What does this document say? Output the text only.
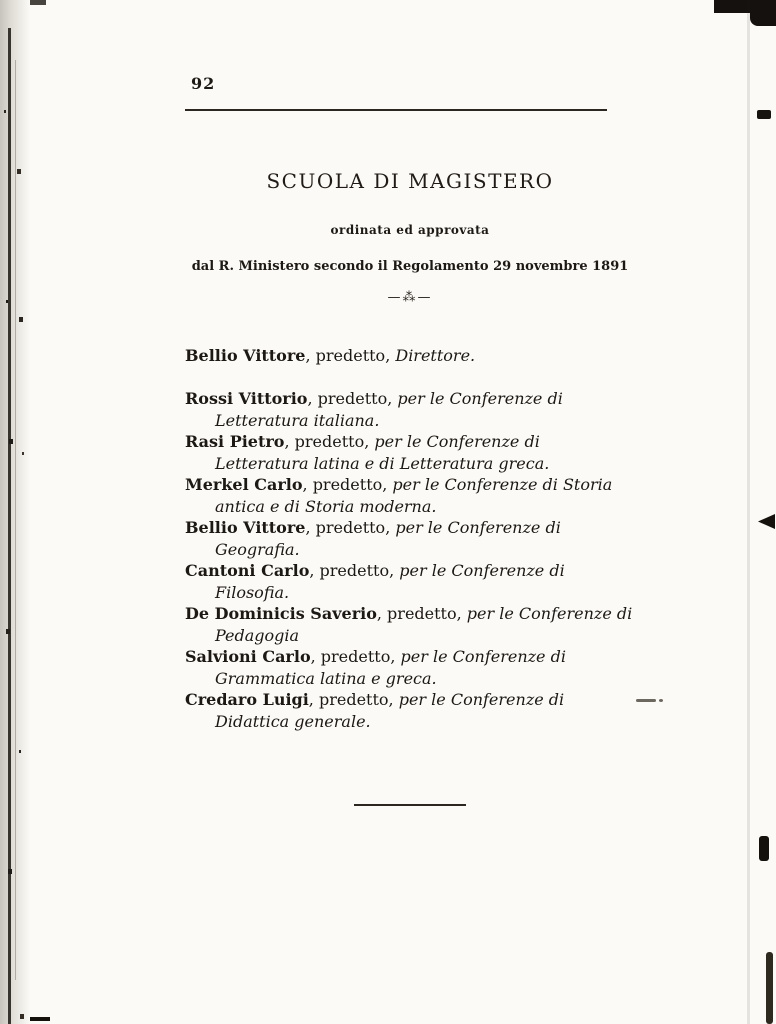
92

SCUOLA DI MAGISTERO

ordinata ed approvata

dal R. Ministero secondo il Regolamento 29 novembre 1891

—⁂—

Bellio Vittore, predetto, Direttore.

Rossi Vittorio, predetto, per le Conferenze di Letteratura italiana.

Rasi Pietro, predetto, per le Conferenze di Letteratura latina e di Letteratura greca.

Merkel Carlo, predetto, per le Conferenze di Storia antica e di Storia moderna.

Bellio Vittore, predetto, per le Conferenze di Geografia.

Cantoni Carlo, predetto, per le Conferenze di Filosofia.

De Dominicis Saverio, predetto, per le Conferenze di Pedagogia

Salvioni Carlo, predetto, per le Conferenze di Grammatica latina e greca.

Credaro Luigi, predetto, per le Conferenze di Didattica generale.
